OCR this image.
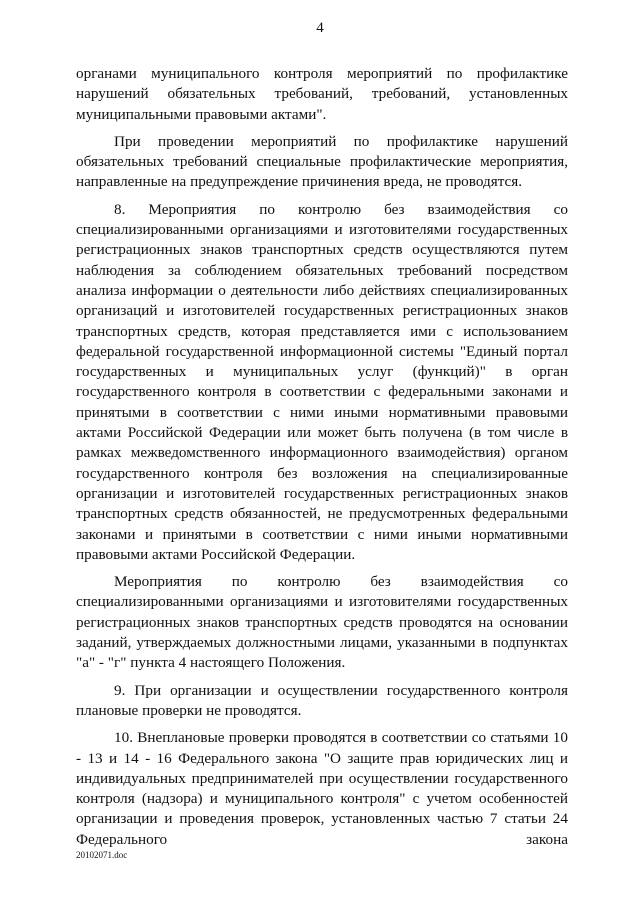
4

органами муниципального контроля мероприятий по профилактике нарушений обязательных требований, требований, установленных муниципальными правовыми актами".

При проведении мероприятий по профилактике нарушений обязательных требований специальные профилактические мероприятия, направленные на предупреждение причинения вреда, не проводятся.

8. Мероприятия по контролю без взаимодействия со специализированными организациями и изготовителями государственных регистрационных знаков транспортных средств осуществляются путем наблюдения за соблюдением обязательных требований посредством анализа информации о деятельности либо действиях специализированных организаций и изготовителей государственных регистрационных знаков транспортных средств, которая представляется ими с использованием федеральной государственной информационной системы "Единый портал государственных и муниципальных услуг (функций)" в орган государственного контроля в соответствии с федеральными законами и принятыми в соответствии с ними иными нормативными правовыми актами Российской Федерации или может быть получена (в том числе в рамках межведомственного информационного взаимодействия) органом государственного контроля без возложения на специализированные организации и изготовителей государственных регистрационных знаков транспортных средств обязанностей, не предусмотренных федеральными законами и принятыми в соответствии с ними иными нормативными правовыми актами Российской Федерации.

Мероприятия по контролю без взаимодействия со специализированными организациями и изготовителями государственных регистрационных знаков транспортных средств проводятся на основании заданий, утверждаемых должностными лицами, указанными в подпунктах "а" - "г" пункта 4 настоящего Положения.

9. При организации и осуществлении государственного контроля плановые проверки не проводятся.

10. Внеплановые проверки проводятся в соответствии со статьями 10 - 13 и 14 - 16 Федерального закона "О защите прав юридических лиц и индивидуальных предпринимателей при осуществлении государственного контроля (надзора) и муниципального контроля" с учетом особенностей организации и проведения проверок, установленных частью 7 статьи 24 Федерального закона

20102071.doc
